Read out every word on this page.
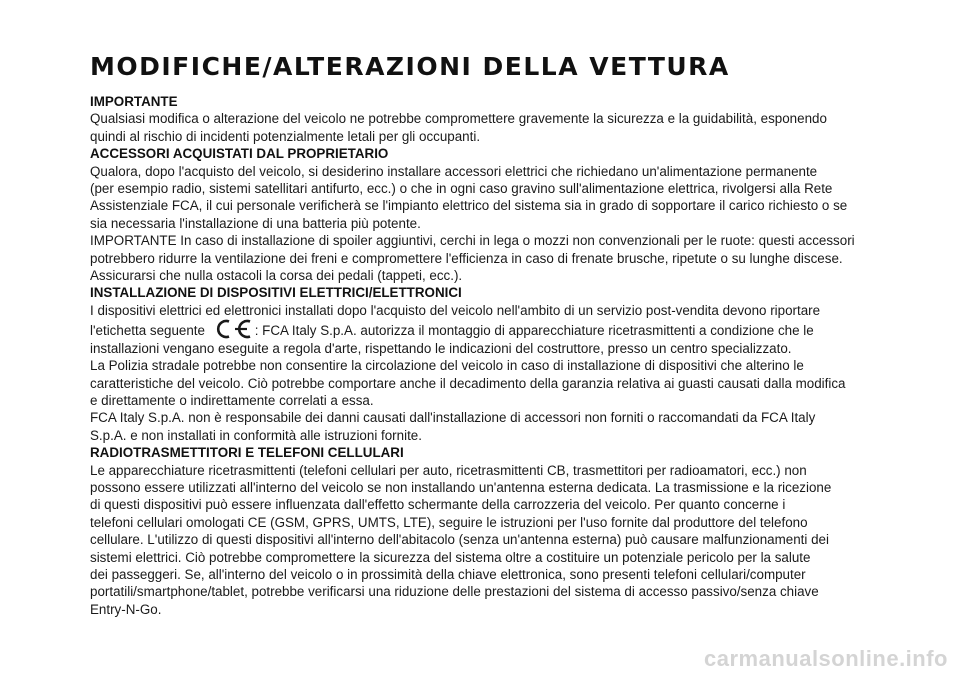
MODIFICHE/ALTERAZIONI DELLA VETTURA
IMPORTANTE

Qualsiasi modifica o alterazione del veicolo ne potrebbe compromettere gravemente la sicurezza e la guidabilità, esponendo
quindi al rischio di incidenti potenzialmente letali per gli occupanti.

ACCESSORI ACQUISTATI DAL PROPRIETARIO

Qualora, dopo l'acquisto del veicolo, si desiderino installare accessori elettrici che richiedano un'alimentazione permanente
(per esempio radio, sistemi satellitari antifurto, ecc.) o che in ogni caso gravino sull'alimentazione elettrica, rivolgersi alla Rete
Assistenziale FCA, il cui personale verificherà se l'impianto elettrico del sistema sia in grado di sopportare il carico richiesto o se
sia necessaria l'installazione di una batteria più potente.
IMPORTANTE In caso di installazione di spoiler aggiuntivi, cerchi in lega o mozzi non convenzionali per le ruote: questi accessori
potrebbero ridurre la ventilazione dei freni e compromettere l'efficienza in caso di frenate brusche, ripetute o su lunghe discese.
Assicurarsi che nulla ostacoli la corsa dei pedali (tappeti, ecc.).

INSTALLAZIONE DI DISPOSITIVI ELETTRICI/ELETTRONICI

I dispositivi elettrici ed elettronici installati dopo l'acquisto del veicolo nell'ambito di un servizio post-vendita devono riportare
l'etichetta seguente	: FCA Italy S.p.A. autorizza il montaggio di apparecchiature ricetrasmittenti a condizione che le
installazioni vengano eseguite a regola d'arte, rispettando le indicazioni del costruttore, presso un centro specializzato.
La Polizia stradale potrebbe non consentire la circolazione del veicolo in caso di installazione di dispositivi che alterino le
caratteristiche del veicolo. Ciò potrebbe comportare anche il decadimento della garanzia relativa ai guasti causati dalla modifica
e direttamente o indirettamente correlati a essa.
FCA Italy S.p.A. non è responsabile dei danni causati dall'installazione di accessori non forniti o raccomandati da FCA Italy
S.p.A. e non installati in conformità alle istruzioni fornite.

RADIOTRASMETTITORI E TELEFONI CELLULARI

Le apparecchiature ricetrasmittenti (telefoni cellulari per auto, ricetrasmittenti CB, trasmettitori per radioamatori, ecc.) non
possono essere utilizzati all'interno del veicolo se non installando un'antenna esterna dedicata. La trasmissione e la ricezione
di questi dispositivi può essere influenzata dall'effetto schermante della carrozzeria del veicolo. Per quanto concerne i
telefoni cellulari omologati CE (GSM, GPRS, UMTS, LTE), seguire le istruzioni per l'uso fornite dal produttore del telefono
cellulare. L'utilizzo di questi dispositivi all'interno dell'abitacolo (senza un'antenna esterna) può causare malfunzionamenti dei
sistemi elettrici. Ciò potrebbe compromettere la sicurezza del sistema oltre a costituire un potenziale pericolo per la salute
dei passeggeri. Se, all'interno del veicolo o in prossimità della chiave elettronica, sono presenti telefoni cellulari/computer
portatili/smartphone/tablet, potrebbe verificarsi una riduzione delle prestazioni del sistema di accesso passivo/senza chiave
Entry-N-Go.

carmanualsonline.info
